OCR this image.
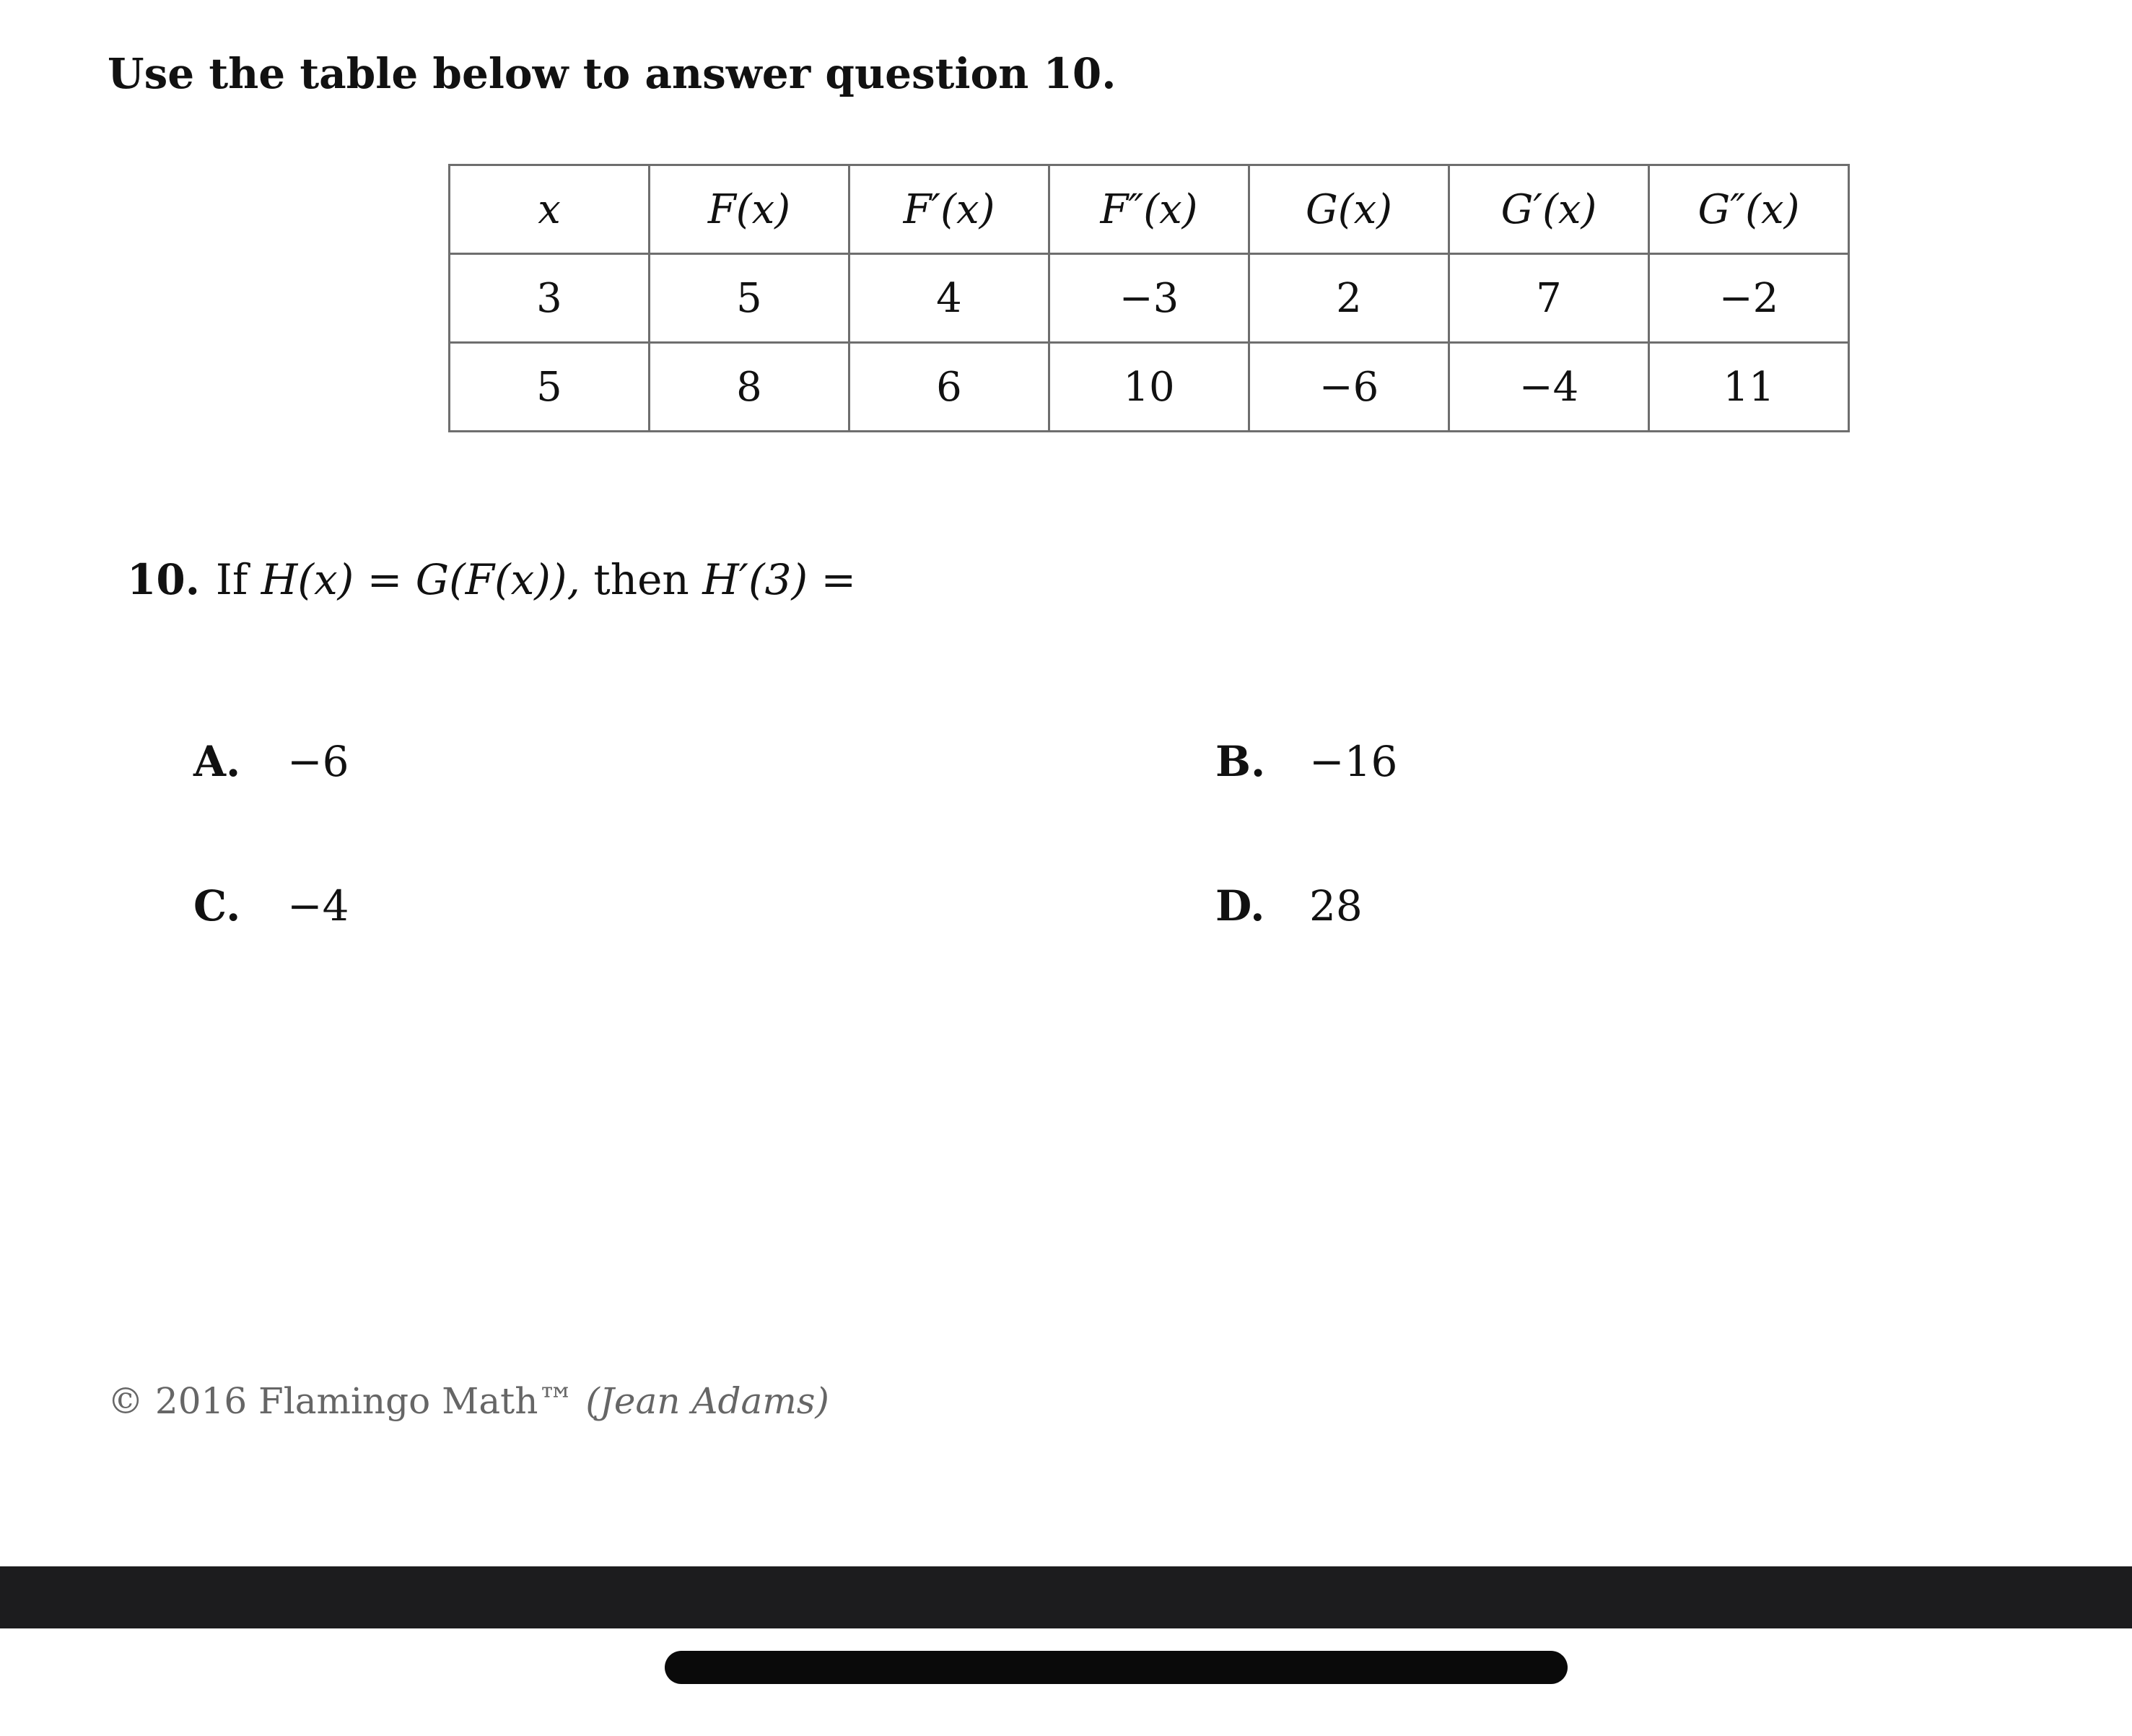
Use the table below to answer question 10.
x	F(x)	F′(x)	F″(x)	G(x)	G′(x)	G″(x)
3	5	4	−3	2	7	−2
5	8	6	10	−6	−4	11
10. If H(x) = G(F(x)), then H′(3) =
A. −6	B. −16
C. −4	D. 28
© 2016 Flamingo Math™ (Jean Adams)
